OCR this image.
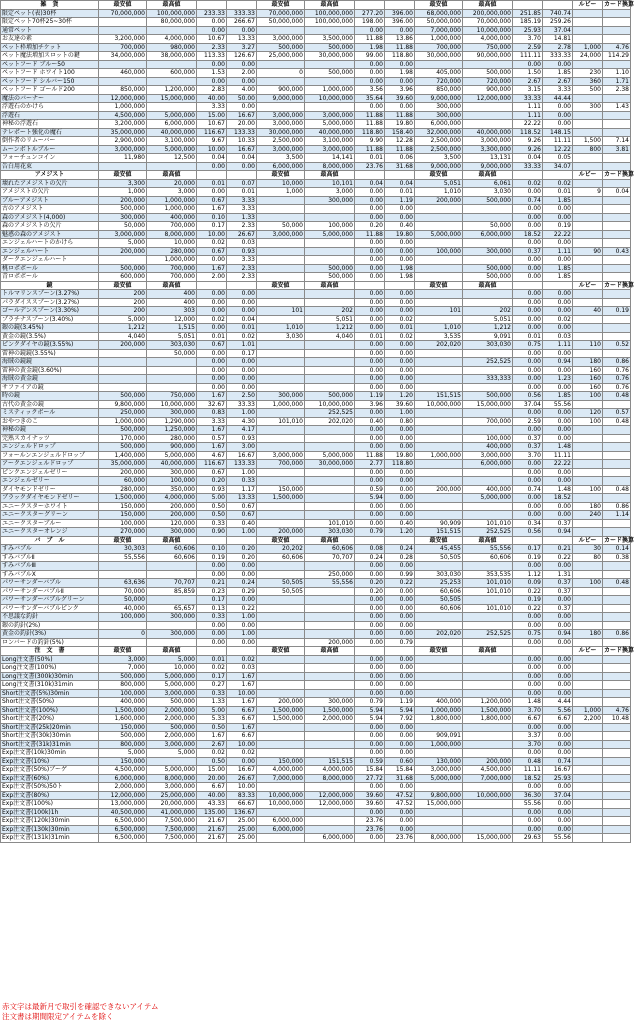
雑　貨	最安値	最高値			最安値	最高値			最安値	最高値			ルビー	カード換算
限定ペット(表)30杯	70,000,000	100,000,000	233.33	333.33	70,000,000	100,000,000	277.20	396.00	68,000,000	200,000,000	251.85	740.74		
限定ペット70杯25~30杯		80,000,000	0.00	266.67	50,000,000	100,000,000	198.00	396.00	50,000,000	70,000,000	185.19	259.26		
通常ペット			0.00	0.00			0.00	0.00	7,000,000	10,000,000	25.93	37.04		
お友達の素	3,200,000	4,000,000	10.67	13.33	3,000,000	3,500,000	11.88	13.86	1,000,000	4,000,000	3.70	14.81		
ペット枠増加チケット	700,000	980,000	2.33	3.27	500,000	500,000	1.98	11.88	700,000	750,000	2.59	2.78	1,000	4.76
ペット魔法増加スロットの鍵	34,000,000	38,000,000	113.33	126.67	25,000,000	30,000,000	99.00	118.80	30,000,000	90,000,000	111.11	333.33	24,000	114.29
ペットフード ブルー50			0.00	0.00			0.00	0.00			0.00	0.00		
ペットフード ホワイト100	460,000	600,000	1.53	2.00	0	500,000	0.00	1.98	405,000	500,000	1.50	1.85	230	1.10
ペットフード シルバー150			0.00	0.00			0.00	0.00	720,000	720,000	2.67	2.67	360	1.71
ペットフード ゴールド200	850,000	1,200,000	2.83	4.00	900,000	1,000,000	3.56	3.96	850,000	900,000	3.15	3.33	500	2.38
魔法のバーナー	12,000,000	15,000,000	40.00	50.00	9,000,000	10,000,000	35.64	39.60	9,000,000	12,000,000	33.33	44.44		
浮遊石のかけら	1,000,000		3.33	0.00			0.00	0.00	300,000		1.11	0.00	300	1.43
浮遊石	4,500,000	5,000,000	15.00	16.67	3,000,000	3,000,000	11.88	11.88	300,000		1.11	0.00		
神秘の浮遊石	3,200,000	6,000,000	10.67	20.00	3,000,000	5,000,000	11.88	19.80	6,000,000		22.22	0.00		
テレポート強化の魔石	35,000,000	40,000,000	116.67	133.33	30,000,000	40,000,000	118.80	158.40	32,000,000	40,000,000	118.52	148.15		
倒作者のリムーバー	2,900,000	3,100,000	9.67	10.33	2,500,000	3,100,000	9.90	12.28	2,500,000	3,000,000	9.26	11.11	1,500	7.14
ムーンボトルブルー	3,000,000	5,000,000	10.00	16.67	3,000,000	3,000,000	11.88	11.88	2,500,000	3,300,000	9.26	12.22	800	3.81
フォーチュンコイン	11,980	12,500	0.04	0.04	3,500	14,141	0.01	0.06	3,500	13,131	0.04	0.05		
告白用花束			0.00	0.00	6,000,000	8,000,000	23.76	31.68	9,000,000	9,000,000	33.33	34.07		
アメジスト	最安値	最高値			最安値	最高値			最安値	最高値			ルビー	カード換算
壊れたアメジストの欠片	3,300	20,000	0.01	0.07	10,000	10,101	0.04	0.04	5,051	6,061	0.02	0.02		
アメジストの欠片	1,000	3,000	0.00	0.01	1,000	3,000	0.00	0.01	1,010	3,030	0.00	0.01	9	0.04
ブルーアメジスト	200,000	1,000,000	0.67	3.33		300,000	0.00	1.19	200,000	500,000	0.74	1.85		
古のアメジスト	500,000	1,000,000	1.67	3.33			0.00	0.00			0.00	0.00		
森のアメジスト(4,000)	300,000	400,000	0.10	1.33			0.00	0.00			0.00	0.00		
森のアメジストの欠片	50,000	700,000	0.17	2.33	50,000	100,000	0.20	0.40		50,000	0.00	0.19		
魅惑の森のアメジスト	3,000,000	8,000,000	10.00	26.67	3,000,000	5,000,000	11.88	19.80	5,000,000	6,000,000	18.52	22.22		
エンジェルハートのかけら	5,000	10,000	0.02	0.03			0.00	0.00			0.00	0.00		
エンジェルハート	200,000	280,000	0.67	0.93			0.00	0.00	100,000	300,000	0.37	1.11	90	0.43
ダークエンジェルハート		1,000,000	0.00	3.33			0.00	0.00			0.00	0.00		
桃ロポボール	500,000	700,000	1.67	2.33		500,000	0.00	1.98		500,000	0.00	1.85		
青ロポボール	600,000	700,000	2.00	2.33		500,000	0.00	1.98		500,000	0.00	1.85		
鏡	最安値	最高値			最安値	最高値			最安値	最高値			ルビー	カード換算
トルマリンスプーン(3.27%)	200	400	0.00	0.00			0.00	0.00			0.00	0.00		
パラダイススプーン(3.27%)	200	400	0.00	0.00			0.00	0.00			0.00	0.00		
ゴールデンスプーン(3.30%)	200	303	0.00	0.00	101	202	0.00	0.00	101	202	0.00	0.00	40	0.19
プラチナスプーン(3.40%)	5,000	12,000	0.02	0.04		5,051	0.00	0.02		5,051	0.00	0.02		
銀の鏡(3.45%)	1,212	1,515	0.00	0.01	1,010	1,212	0.00	0.01	1,010	1,212	0.00	0.00		
黄金の鏡(3.5%)	4,040	5,051	0.01	0.02	3,030	4,040	0.01	0.02	3,535	9,091	0.01	0.03		
ピンクダイヤの鏡(3.55%)	200,000	303,030	0.67	1.01			0.00	0.00	202,020	303,030	0.75	1.11	110	0.52
雷神の鏡鏡(3.55%)		50,000	0.00	0.17			0.00	0.00			0.00	0.00		
海賊の鏡鏡			0.00	0.00			0.00	0.00		252,525	0.00	0.94	180	0.86
雷神の黄金鏡(3.60%)			0.00	0.00			0.00	0.00			0.00	0.00	160	0.76
海賊の黄金鏡			0.00	0.00			0.00	0.00		333,333	0.00	1.23	160	0.76
サファイアの鏡			0.00	0.00			0.00	0.00			0.00	0.00	160	0.76
時の鏡	500,000	750,000	1.67	2.50	300,000	500,000	1.19	1.20	151,515	500,000	0.56	1.85	100	0.48
古代の黄金の鏡	9,800,000	10,000,000	32.67	33.33	1,000,000	10,000,000	3.96	39.60	10,000,000	15,000,000	37.04	55.56		
ミスティックボール	250,000	300,000	0.83	1.00		252,525	0.00	1.00			0.00	0.00	120	0.57
おやつきのこ	1,000,000	1,290,000	3.33	4.30	101,010	202,020	0.40	0.80		700,000	2.59	0.00	100	0.48
神秘の鏡	500,000	1,250,000	1.67	4.17			0.00	0.00			0.00	0.00		
完熟スカイナッツ	170,000	280,000	0.57	0.93			0.00	0.00		100,000	0.37	0.00		
エンジェルドロップ	500,000	900,000	1.67	3.00			0.00	0.00		400,000	0.37	1.48		
フォールンエンジェルドロップ	1,400,000	5,000,000	4.67	16.67	3,000,000	5,000,000	11.88	19.80	1,000,000	3,000,000	3.70	11.11		
アークエンジェルドロップ	35,000,000	40,000,000	116.67	133.33	700,000	30,000,000	2.77	118.80		6,000,000	0.00	22.22		
ピンクエンジェルゼリー	200,000	300,000	0.67	1.00			0.00	0.00			0.00	0.00		
エンジェルゼリー	60,000	100,000	0.20	0.33			0.00	0.00			0.00	0.00		
ダイヤモンドゼリー	280,000	350,000	0.93	1.17	150,000		0.59	0.00	200,000	400,000	0.74	1.48	100	0.48
ブラックダイヤモンドゼリー	1,500,000	4,000,000	5.00	13.33	1,500,000		5.94	0.00		5,000,000	0.00	18.52		
ユニークスターホワイト	150,000	200,000	0.50	0.67			0.00	0.00			0.00	0.00	180	0.86
ユニークスターグリーン	150,000	200,000	0.50	0.67			0.00	0.00			0.00	0.00	240	1.14
ユニークスターブルー	100,000	120,000	0.33	0.40		101,010	0.00	0.40	90,909	101,010	0.34	0.37		
ユニークスターオレンジ	270,000	300,000	0.90	1.00	200,000	303,030	0.79	1.20	151,515	252,525	0.56	0.94		
バ　ブ　ル	最安値	最高値			最安値	最高値			最安値	最高値			ルビー	カード換算
すみバブル	30,303	60,606	0.10	0.20	20,202	60,606	0.08	0.24	45,455	55,556	0.17	0.21	30	0.14
すみバブルⅡ	55,556	60,606	0.19	0.20	60,606	70,707	0.24	0.28	50,505	60,606	0.19	0.22	80	0.38
すみバブルⅢ			0.00	0.00			0.00	0.00			0.00	0.00		
すみバブルⅩ			0.00	0.00		250,000	0.00	0.99	303,030	353,535	1.12	1.31		
パワーサンダーバブル	63,636	70,707	0.21	0.24	50,505	55,556	0.20	0.22	25,253	101,010	0.09	0.37	100	0.48
パワーサンダーバブルⅡ	70,000	85,859	0.23	0.29	50,505		0.20	0.00	60,606	101,010	0.22	0.37		
パワーサンダーバブルグリーン	50,000		0.17	0.00			0.00	0.00	50,505		0.19	0.00		
パワーサンダーバブルピンク	40,000	65,657	0.13	0.22			0.00	0.00	60,606	101,010	0.22	0.37		
不思議な釣針	100,000	300,000	0.33	1.00			0.00	0.00			0.00	0.00		
銀の釣針(2%)			0.00	0.00			0.00	0.00			0.00	0.00		
黄金の釣針(3%)	0	300,000	0.00	1.00			0.00	0.00	202,020	252,525	0.75	0.94	180	0.86
ロンバードの釣針(5%)			0.00	0.00		200,000	0.00	0.79			0.00	0.00		
注　文　書	最安値	最高値			最安値	最高値			最安値	最高値			ルビー	カード換算
Long注文書(50%)	3,000	5,000	0.01	0.02			0.00	0.00			0.00	0.00		
Long注文書(100%)	7,000	10,000	0.02	0.03			0.00	0.00			0.00	0.00		
Long注文書(300k)30min	500,000	5,000,000	0.17	1.67			0.00	0.00			0.00	0.00		
Long注文書(310k)31min	800,000	5,000,000	0.27	1.67			0.00	0.00			0.00	0.00		
Short注文書(5%)30min	100,000	3,000,000	0.33	10.00			0.00	0.00			0.00	0.00		
Short注文書(50%)	400,000	500,000	1.33	1.67	200,000	300,000	0.79	1.19	400,000	1,200,000	1.48	4.44		
Short注文書(100%)	1,500,000	2,000,000	5.00	6.67	1,500,000	1,500,000	5.94	5.94	1,000,000	1,500,000	3.70	5.56	1,000	4.76
Short注文書(20%)	1,600,000	2,000,000	5.33	6.67	1,500,000	2,000,000	5.94	7.92	1,800,000	1,800,000	6.67	6.67	2,200	10.48
Short注文書(25k)20min	150,000	500,000	0.50	1.67			0.00	0.00			0.00	0.00		
Short注文書(30k)30min	500,000	2,000,000	1.67	6.67			0.00	0.00	909,091		3.37	0.00		
Short注文書(31k)31min	800,000	3,000,000	2.67	10.00			0.00	0.00	1,000,000		3.70	0.00		
Exp注文書(10k)30min	5,000	5,000	0.02	0.02			0.00	0.00			0.00	0.00		
Exp注文書(10%)	150,000		0.50	0.00	150,000	151,515	0.59	0.60	130,000	200,000	0.48	0.74		
Exp注文書(50%)ブーゲ	4,500,000	5,000,000	15.00	16.67	4,000,000	4,000,000	15.84	15.84	3,000,000	4,500,000	11.11	16.67		
Exp注文書(60%)	6,000,000	8,000,000	20.00	26.67	7,000,000	8,000,000	27.72	31.68	5,000,000	7,000,000	18.52	25.93		
Exp注文書(50%)50ト	2,000,000	3,000,000	6.67	10.00			0.00	0.00			0.00	0.00		
Exp注文書(80%)	12,000,000	25,000,000	40.00	83.33	10,000,000	12,000,000	39.60	47.52	9,800,000	10,000,000	36.30	37.04		
Exp注文書(100%)	13,000,000	20,000,000	43.33	66.67	10,000,000	12,000,000	39.60	47.52	15,000,000		55.56	0.00		
Exp注文書(100k)1h	40,500,000	41,000,000	135.00	136.67			0.00	0.00			0.00	0.00		
Exp注文書(120k)30min	6,500,000	7,500,000	21.67	25.00	6,000,000		23.76	0.00			0.00	0.00		
Exp注文書(130k)30min	6,500,000	7,500,000	21.67	25.00	6,000,000		23.76	0.00			0.00	0.00		
Exp注文書(131k)31min	6,500,000	7,500,000	21.67	25.00		6,000,000	0.00	23.76	8,000,000	15,000,000	29.63	55.56		
赤文字は最新月で取引を確認できないアイテム
注文書は期間限定アイテムを除く
